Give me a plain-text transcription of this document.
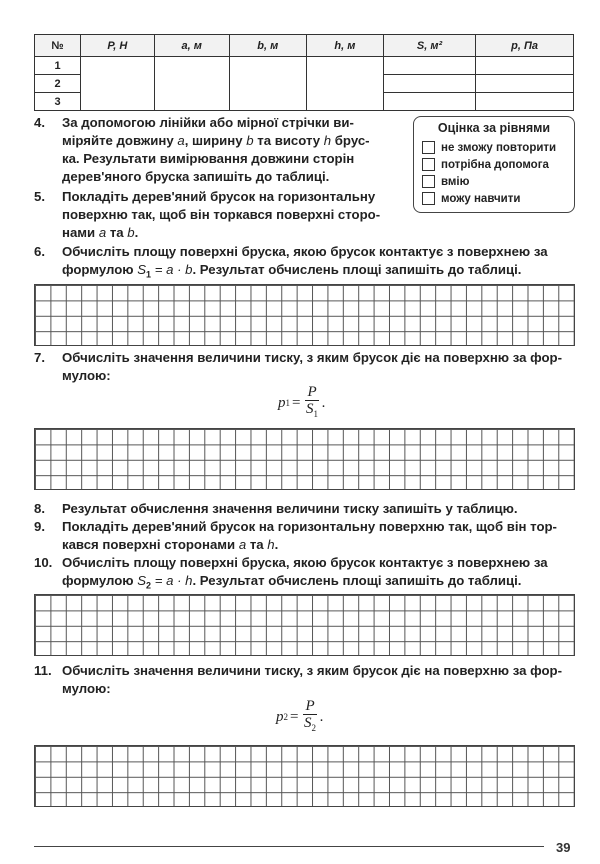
№	P, H	a, м	b, м	h, м	S, м²	p, Па
1						
2						
3						
4.	За допомогою лінійки або мірної стрічки ви-
міряйте довжину a, ширину b та висоту h брус-
ка. Результати вимірювання довжини сторін
дерев'яного бруска запишіть до таблиці.
Оцінка за рівнями
не зможу повторити
потрібна допомога
вмію
можу навчити
5.	Покладіть дерев'яний брусок на горизонтальну
поверхню так, щоб він торкався поверхні сторо-
нами a та b.
6.	Обчисліть площу поверхні бруска, якою брусок контактує з поверхнею за
формулою $S_1 = a \cdot b$. Результат обчислень площі запишіть до таблиці.
7.	Обчисліть значення величини тиску, з яким брусок діє на поверхню за фор-
мулою:
p $1 = \frac{P}{S_1}$ .
8.	Результат обчислення значення величини тиску запишіть у таблицю.
9.	Покладіть дерев'яний брусок на горизонтальну поверхню так, щоб він тор-
кався поверхні сторонами a та h.
10. Обчисліть площу поверхні бруска, якою брусок контактує з поверхнею за
формулою $S_2 = a \cdot h$. Результат обчислень площі запишіть до таблиці.
11. Обчисліть значення величини тиску, з яким брусок діє на поверхню за фор-
мулою:
p $2 = \frac{P}{S_2}$ .
39
